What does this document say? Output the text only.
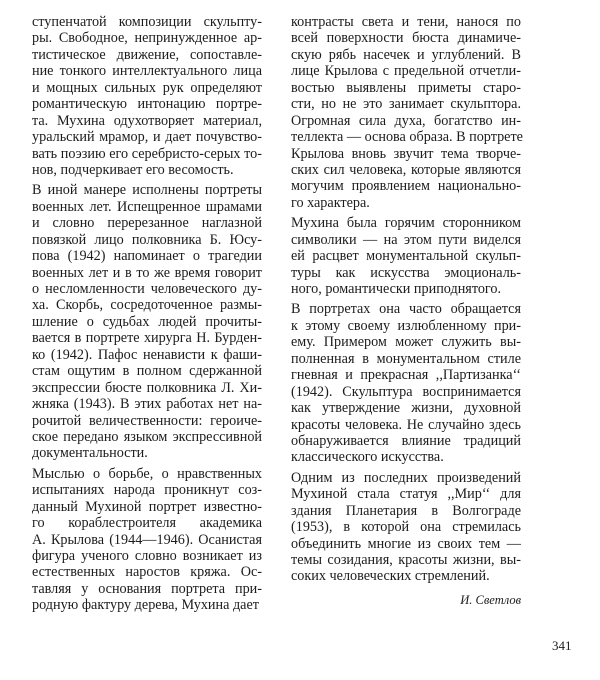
ступенчатой композиции скульпту-
ры. Свободное, непринужденное ар-
тистическое движение, сопоставле-
ние тонкого интеллектуального лица
и мощных сильных рук определяют
романтическую интонацию портре-
та. Мухина одухотворяет материал,
уральский мрамор, и дает почувство-
вать поэзию его серебристо-серых то-
нов, подчеркивает его весомость.
В иной манере исполнены портреты
военных лет. Испещренное шрамами
и словно перерезанное наглазной
повязкой лицо полковника Б. Юсу-
пова (1942) напоминает о трагедии
военных лет и в то же время говорит
о несломленности человеческого ду-
ха. Скорбь, сосредоточенное размы-
шление о судьбах людей прочиты-
вается в портрете хирурга Н. Бурден-
ко (1942). Пафос ненависти к фаши-
стам ощутим в полном сдержанной
экспрессии бюсте полковника Л. Хи-
жняка (1943). В этих работах нет на-
рочитой величественности: героиче-
ское передано языком экспрессивной
документальности.
Мыслью о борьбе, о нравственных
испытаниях народа проникнут соз-
данный Мухиной портрет известно-
го кораблестроителя академика
А. Крылова (1944—1946). Осанистая
фигура ученого словно возникает из
естественных наростов кряжа. Ос-
тавляя у основания портрета при-
родную фактуру дерева, Мухина дает
контрасты света и тени, нанося по
всей поверхности бюста динамиче-
скую рябь насечек и углублений. В
лице Крылова с предельной отчетли-
востью выявлены приметы старо-
сти, но не это занимает скульптора.
Огромная сила духа, богатство ин-
теллекта — основа образа. В портрете
Крылова вновь звучит тема творче-
ских сил человека, которые являются
могучим проявлением национально-
го характера.
Мухина была горячим сторонником
символики — на этом пути виделся
ей расцвет монументальной скульп-
туры как искусства эмоциональ-
ного, романтически приподнятого.
В портретах она часто обращается
к этому своему излюбленному при-
ему. Примером может служить вы-
полненная в монументальном стиле
гневная и прекрасная ,,Партизанка‘‘
(1942). Скульптура воспринимается
как утверждение жизни, духовной
красоты человека. Не случайно здесь
обнаруживается влияние традиций
классического искусства.
Одним из последних произведений
Мухиной стала статуя ,,Мир‘‘ для
здания Планетария в Волгограде
(1953), в которой она стремилась
объединить многие из своих тем —
темы созидания, красоты жизни, вы-
соких человеческих стремлений.
И. Светлов
341
